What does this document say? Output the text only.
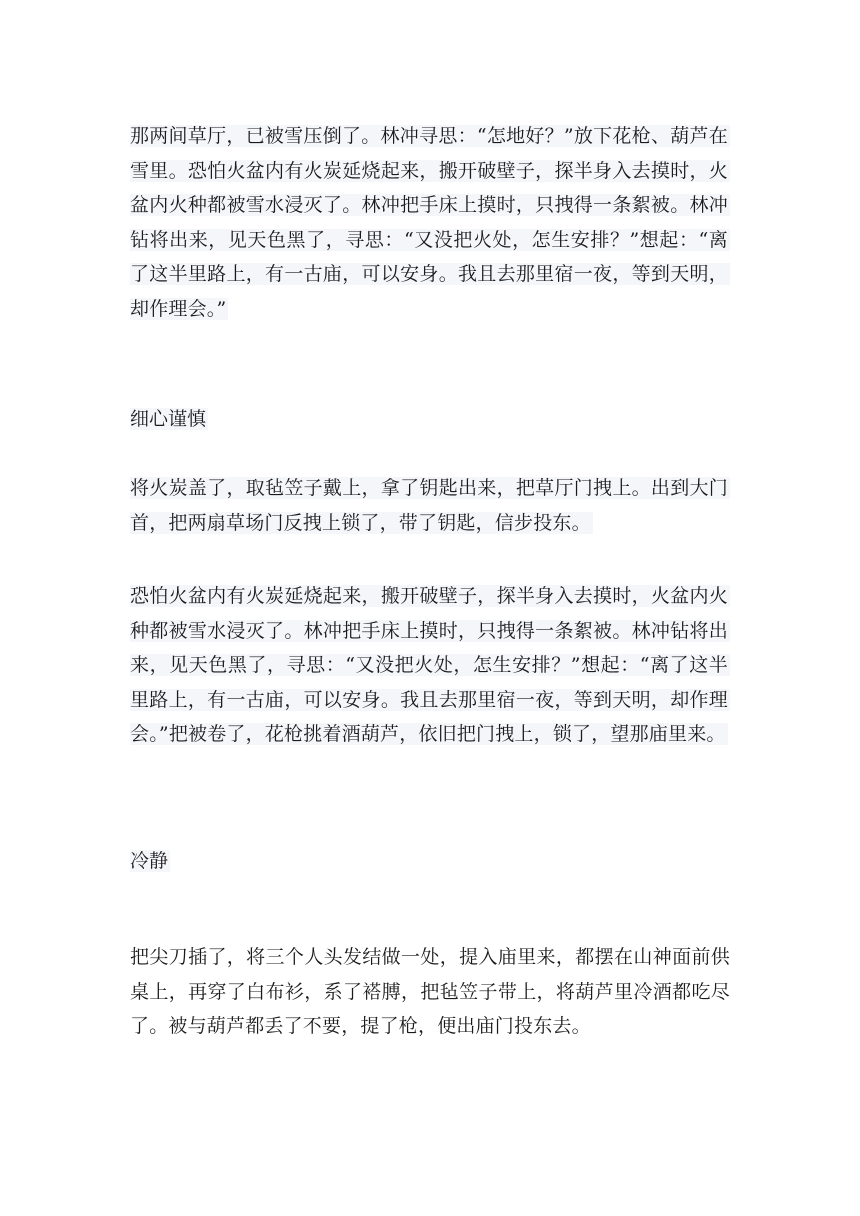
那两间草厅，已被雪压倒了。林冲寻思：“怎地好？”放下花枪、葫芦在雪里。恐怕火盆内有火炭延烧起来，搬开破壁子，探半身入去摸时，火盆内火种都被雪水浸灭了。林冲把手床上摸时，只拽得一条絮被。林冲钻将出来，见天色黑了，寻思：“又没把火处，怎生安排？”想起：“离了这半里路上，有一古庙，可以安身。我且去那里宿一夜，等到天明，却作理会。”
细心谨慎
将火炭盖了，取毡笠子戴上，拿了钥匙出来，把草厅门拽上。出到大门首，把两扇草场门反拽上锁了，带了钥匙，信步投东。
恐怕火盆内有火炭延烧起来，搬开破壁子，探半身入去摸时，火盆内火种都被雪水浸灭了。林冲把手床上摸时，只拽得一条絮被。林冲钻将出来，见天色黑了，寻思：“又没把火处，怎生安排？”想起：“离了这半里路上，有一古庙，可以安身。我且去那里宿一夜，等到天明，却作理会。”把被卷了，花枪挑着酒葫芦，依旧把门拽上，锁了，望那庙里来。
冷静
把尖刀插了，将三个人头发结做一处，提入庙里来，都摆在山神面前供桌上，再穿了白布衫，系了褡膊，把毡笠子带上，将葫芦里冷酒都吃尽了。被与葫芦都丢了不要，提了枪，便出庙门投东去。
